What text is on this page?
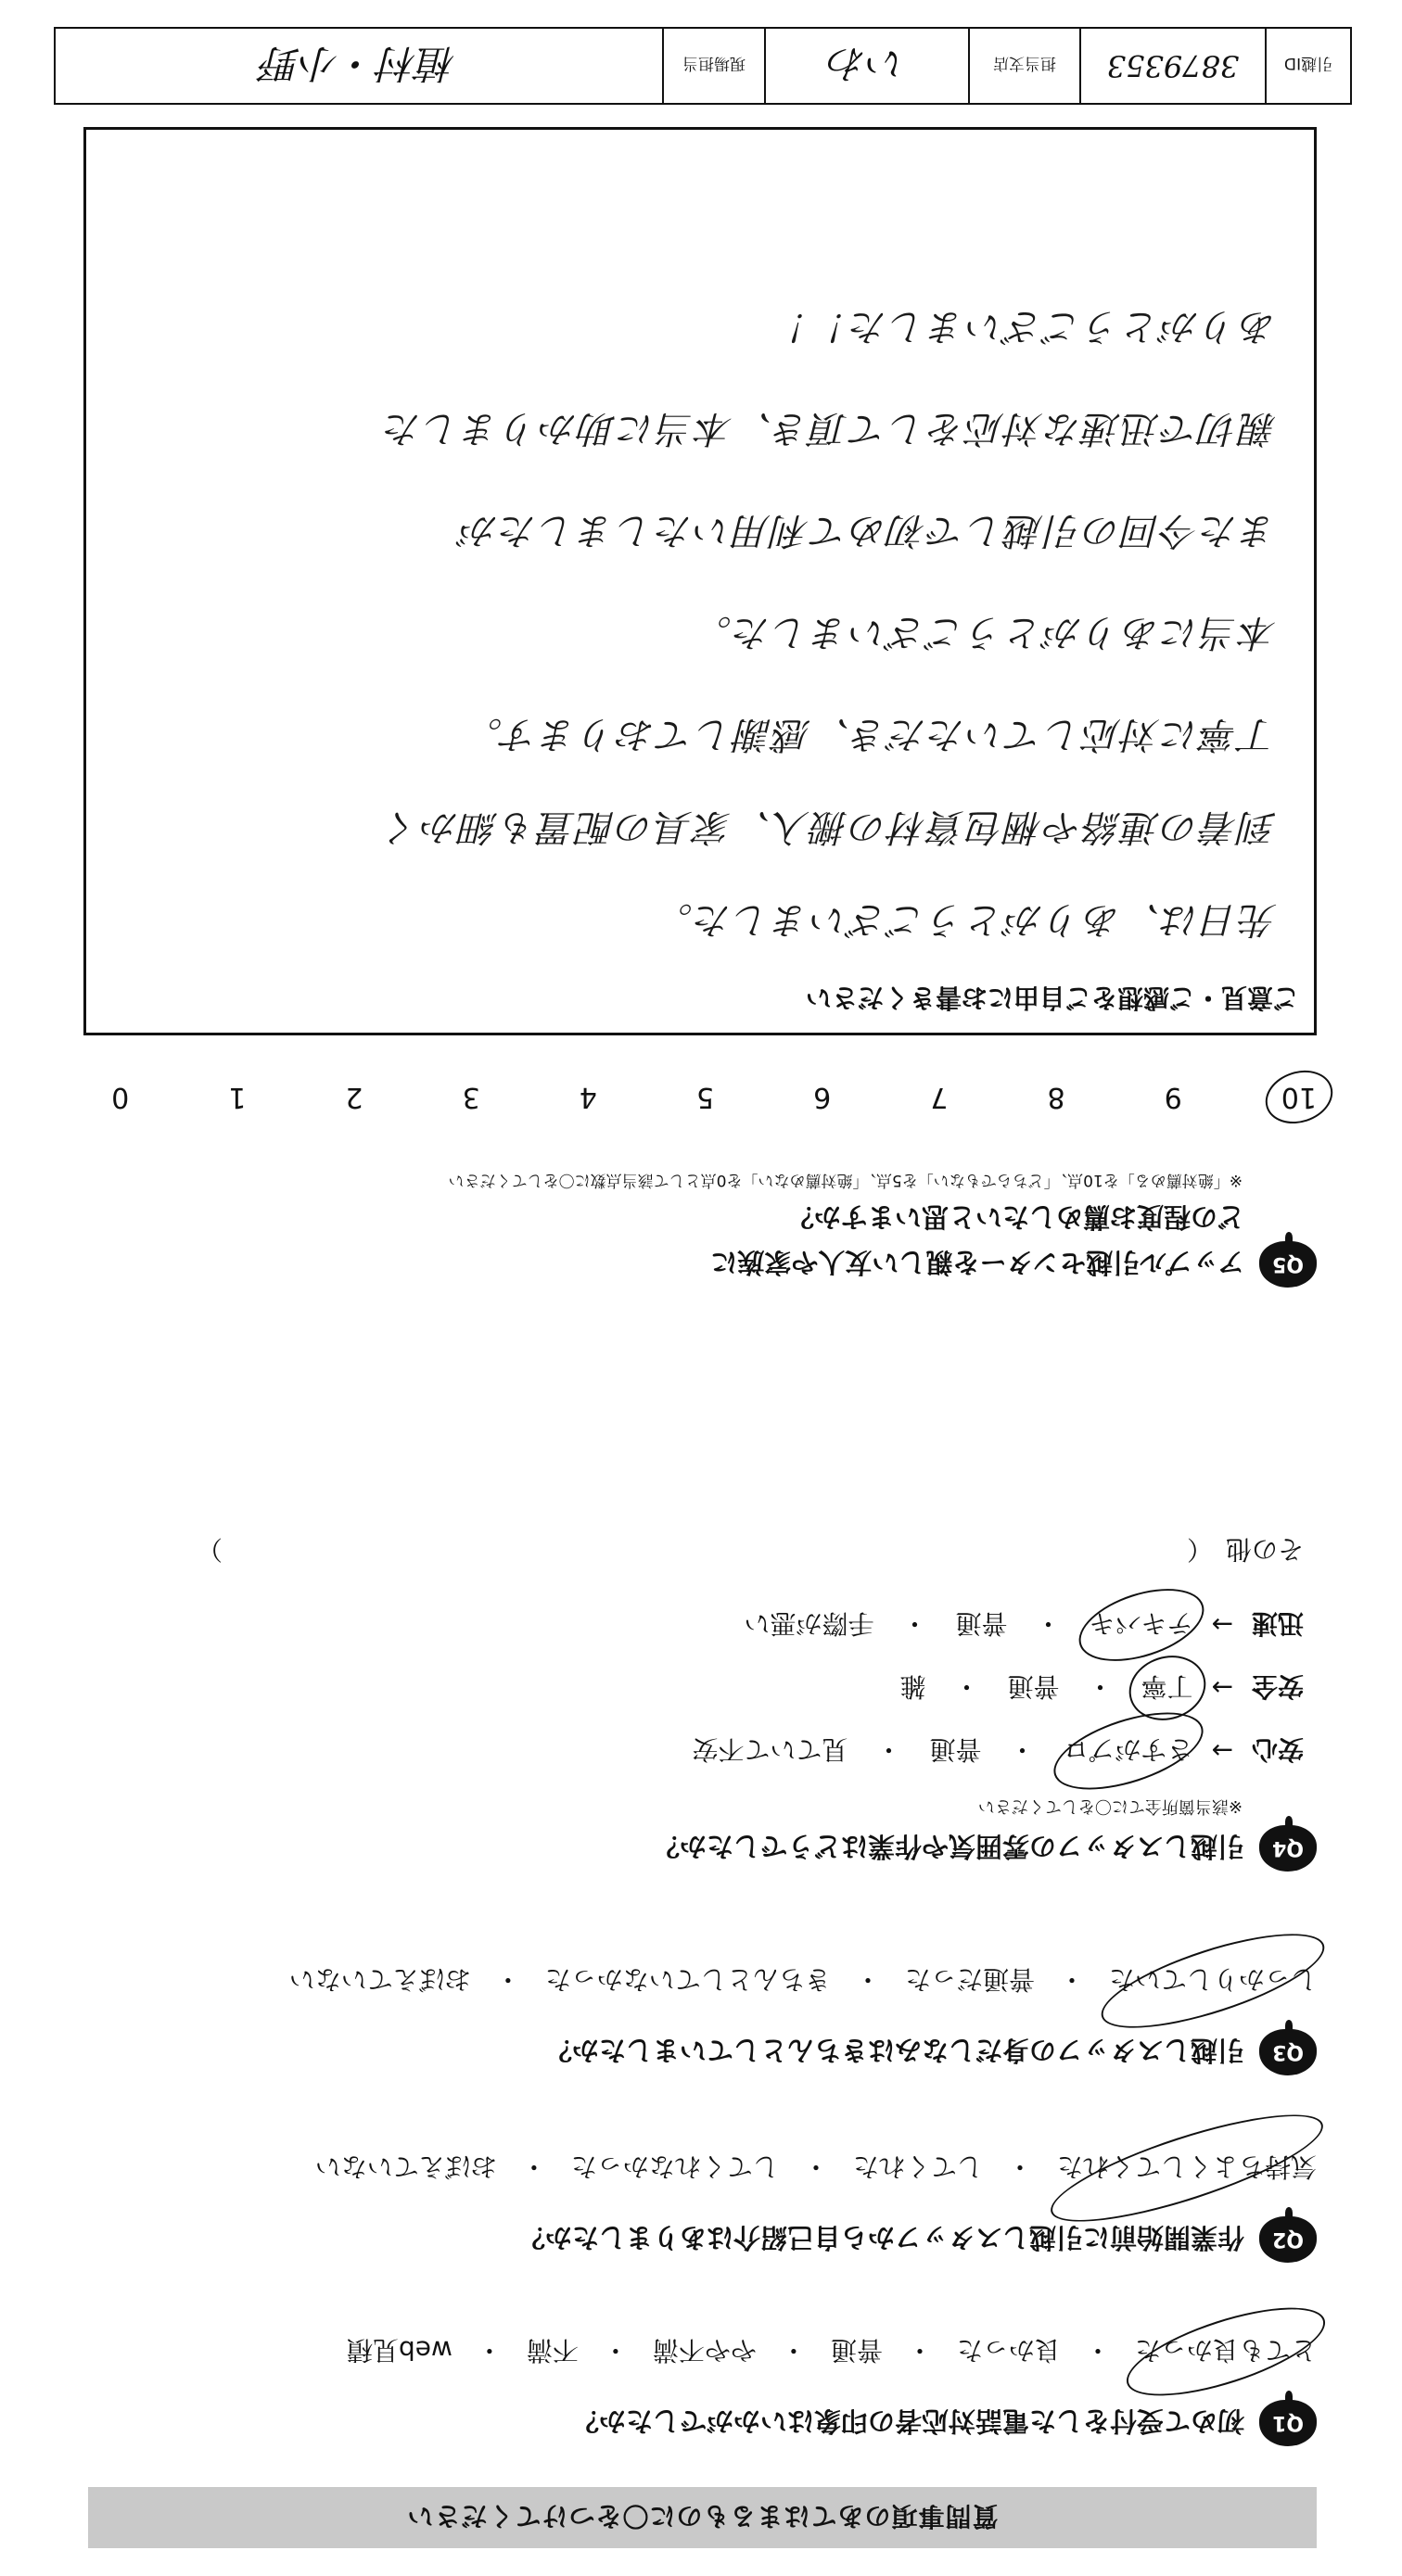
質問事項のあてはまるものに〇をつけてください
Q1
初めて受付をした電話対応者の印象はいかがでしたか？
とても良かった
・
良かった
・
普通
・
やや不満
・
不満
・
web見積
Q2
作業開始前に引越しスタッフから自己紹介はありましたか？
気持ちよくしてくれた
・
してくれた
・
してくれなかった
・
おぼえていない
Q3
引越しスタッフの身だしなみはきちんとしていましたか？
しっかりしていた
・
普通だった
・
きちんとしていなかった
・
おぼえていない
Q4
引越しスタッフの雰囲気や作業はどうでしたか？
※該当箇所全てに〇をしてください
安心
→
さすがプロ
・
普通
・
見ていて不安
安全
→
丁寧
・
普通
・
雑
迅速
→
テキパキ
・
普通
・
手際が悪い
その他
（
）
Q5
アップル引越センターを親しい友人や家族に
どの程度お薦めしたいと思いますか？
※「絶対薦める」を10点、「どちらでもない」を5点、「絶対薦めない」を0点として該当点数に〇をしてください
10
9
8
7
6
5
4
3
2
1
0
ご意見・ご感想をご自由にお書きください
先日は、ありがとうございました。
到着の連絡や梱包資材の搬入、家具の配置も細かく
丁寧に対応していただき、感謝しております。
本当にありがとうございました。
また今回の引越しで初めて利用いたしましたが
親切で迅速な対応をして頂き、本当に助かりました
ありがとうございました！！
引越ID
3879353
担当支店
いわ
現場担当
植村・小野
